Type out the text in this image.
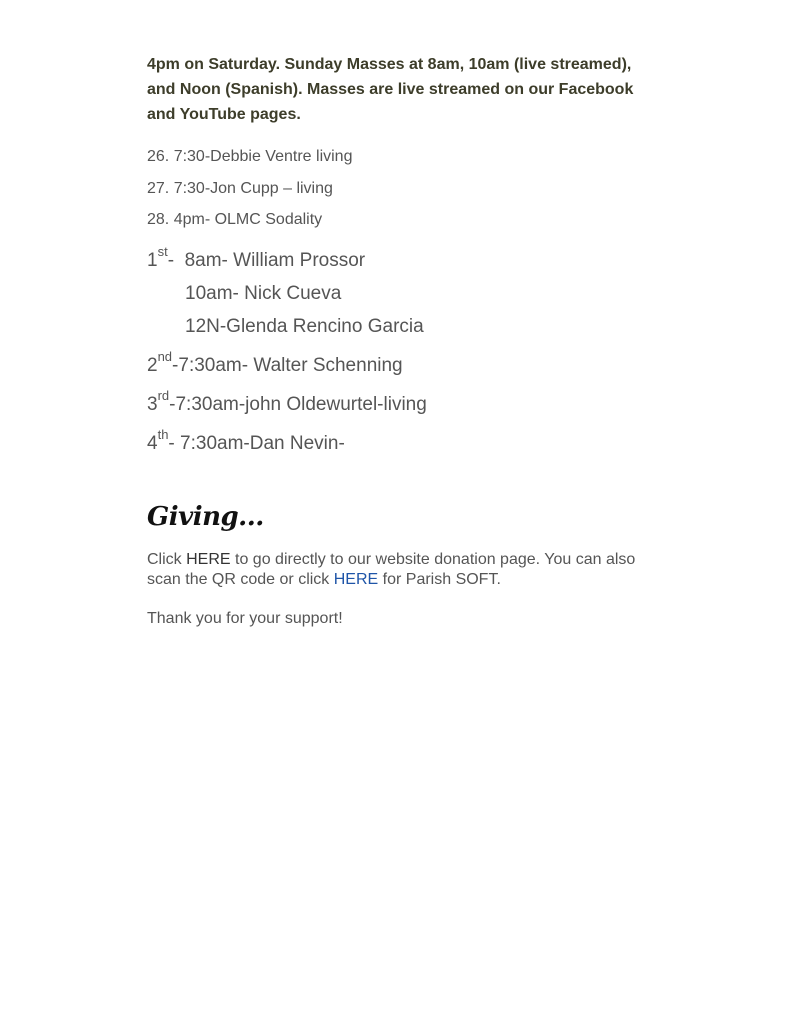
4pm on Saturday. Sunday Masses at 8am, 10am (live streamed), and Noon (Spanish). Masses are live streamed on our Facebook and YouTube pages.

26. 7:30-Debbie Ventre living
27. 7:30-Jon Cupp – living
28. 4pm- OLMC Sodality
1st-  8am- William Prossor
10am- Nick Cueva
12N-Glenda Rencino Garcia
2nd-7:30am- Walter Schenning
3rd-7:30am-john Oldewurtel-living
4th- 7:30am-Dan Nevin-
Giving...

Click HERE to go directly to our website donation page. You can also scan the QR code or click HERE for Parish SOFT.

Thank you for your support!
